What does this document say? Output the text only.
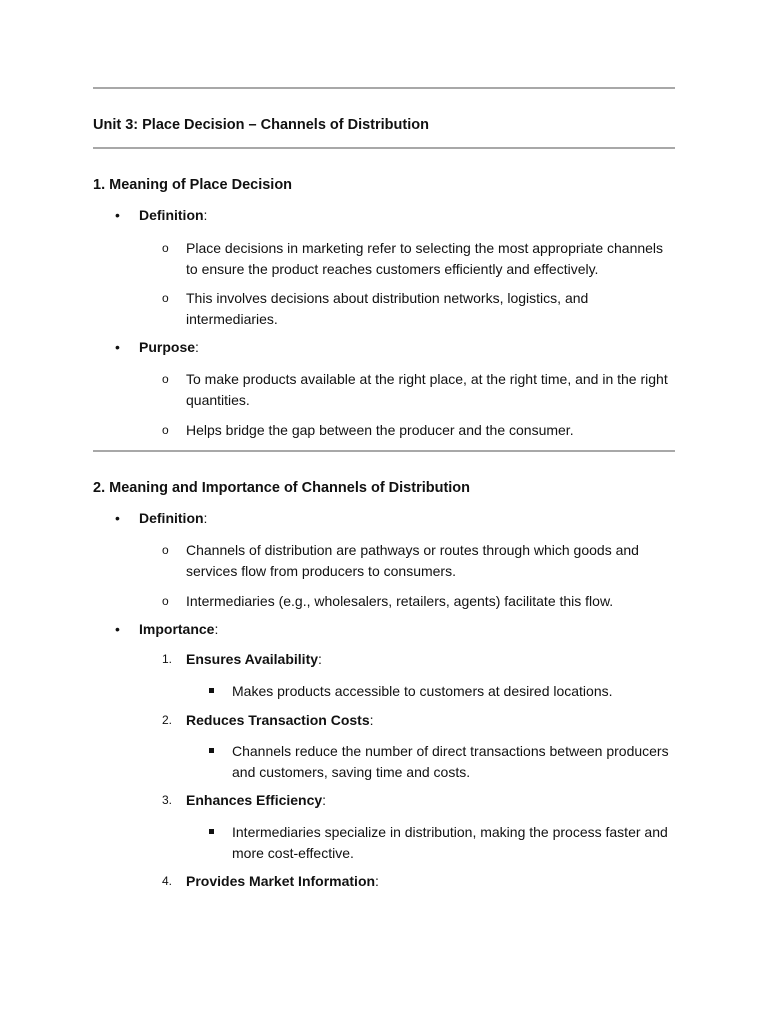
Unit 3: Place Decision – Channels of Distribution
1. Meaning of Place Decision
• Definition:
o Place decisions in marketing refer to selecting the most appropriate channels to ensure the product reaches customers efficiently and effectively.
o This involves decisions about distribution networks, logistics, and intermediaries.
• Purpose:
o To make products available at the right place, at the right time, and in the right quantities.
o Helps bridge the gap between the producer and the consumer.
2. Meaning and Importance of Channels of Distribution
• Definition:
o Channels of distribution are pathways or routes through which goods and services flow from producers to consumers.
o Intermediaries (e.g., wholesalers, retailers, agents) facilitate this flow.
• Importance:
1. Ensures Availability:
Makes products accessible to customers at desired locations.
2. Reduces Transaction Costs:
Channels reduce the number of direct transactions between producers and customers, saving time and costs.
3. Enhances Efficiency:
Intermediaries specialize in distribution, making the process faster and more cost-effective.
4. Provides Market Information:
